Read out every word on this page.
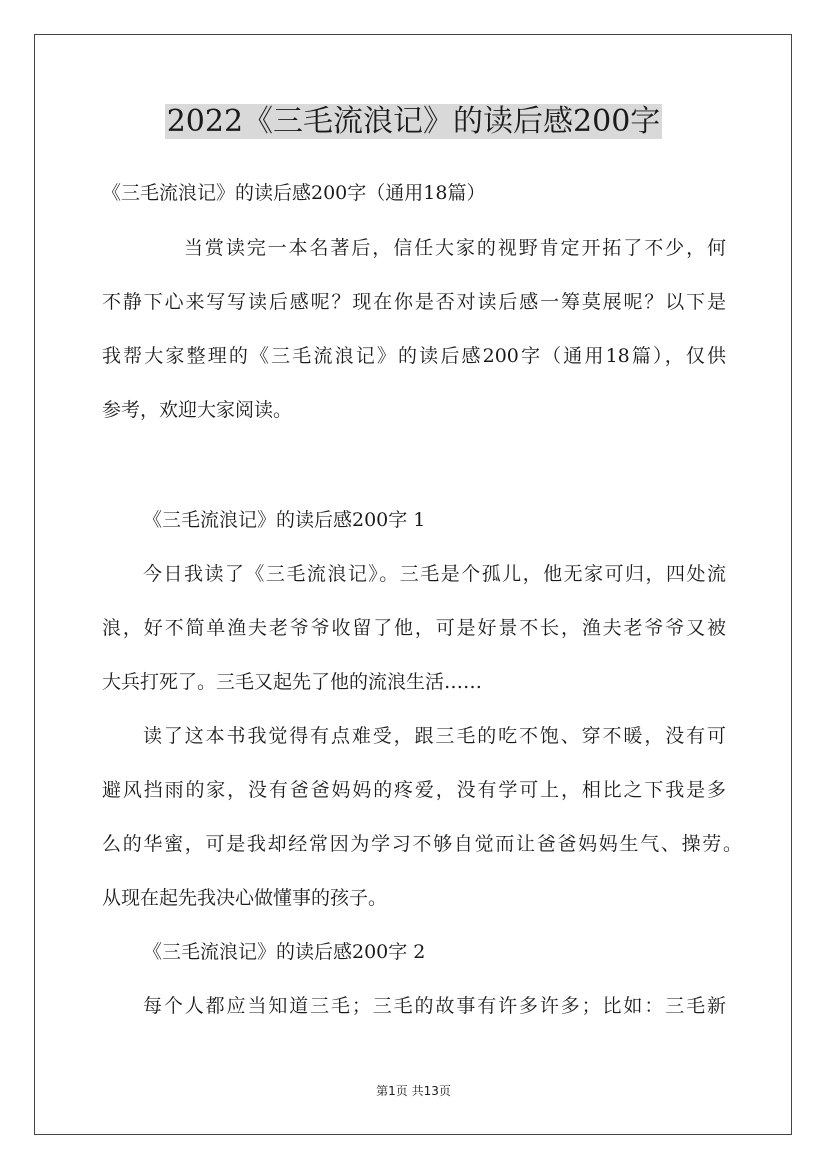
2022《三毛流浪记》的读后感200字
《三毛流浪记》的读后感200字（通用18篇）
当赏读完一本名著后，信任大家的视野肯定开拓了不少，何
不静下心来写写读后感呢？现在你是否对读后感一筹莫展呢？以下是
我帮大家整理的《三毛流浪记》的读后感200字（通用18篇），仅供
参考，欢迎大家阅读。
《三毛流浪记》的读后感200字 1
今日我读了《三毛流浪记》。三毛是个孤儿，他无家可归，四处流
浪，好不简单渔夫老爷爷收留了他，可是好景不长，渔夫老爷爷又被
大兵打死了。三毛又起先了他的流浪生活……
读了这本书我觉得有点难受，跟三毛的吃不饱、穿不暖，没有可
避风挡雨的家，没有爸爸妈妈的疼爱，没有学可上，相比之下我是多
么的华蜜，可是我却经常因为学习不够自觉而让爸爸妈妈生气、操劳。
从现在起先我决心做懂事的孩子。
《三毛流浪记》的读后感200字 2
每个人都应当知道三毛；三毛的故事有许多许多；比如：三毛新
第1页 共13页
